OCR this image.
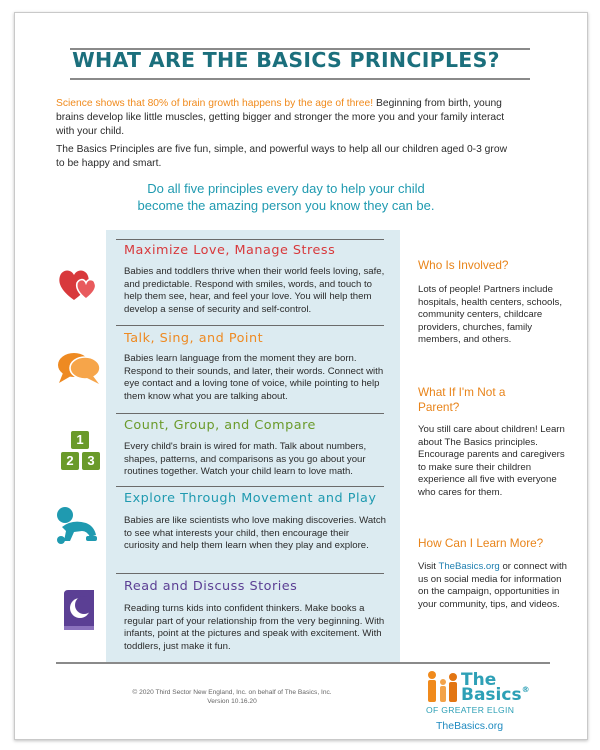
WHAT ARE THE BASICS PRINCIPLES?
Science shows that 80% of brain growth happens by the age of three! Beginning from birth, young brains develop like little muscles, getting bigger and stronger the more you and your family interact with your child.
The Basics Principles are five fun, simple, and powerful ways to help all our children aged 0-3 grow to be happy and smart.
Do all five principles every day to help your child
become the amazing person you know they can be.
Maximize Love, Manage Stress
Babies and toddlers thrive when their world feels loving, safe, and predictable. Respond with smiles, words, and touch to help them see, hear, and feel your love. You will help them develop a sense of security and self-control.
Talk, Sing, and Point
Babies learn language from the moment they are born. Respond to their sounds, and later, their words. Connect with eye contact and a loving tone of voice, while pointing to help them know what you are talking about.
Count, Group, and Compare
Every child's brain is wired for math. Talk about numbers, shapes, patterns, and comparisons as you go about your routines together. Watch your child learn to love math.
1
2	3
Explore Through Movement and Play
Babies are like scientists who love making discoveries. Watch to see what interests your child, then encourage their curiosity and help them learn when they play and explore.
Read and Discuss Stories
Reading turns kids into confident thinkers. Make books a regular part of your relationship from the very beginning. With infants, point at the pictures and speak with excitement. With toddlers, just make it fun.
Who Is Involved?
Lots of people! Partners include hospitals, health centers, schools, community centers, childcare providers, churches, family members, and others.
What If I'm Not a
Parent?
You still care about children! Learn about The Basics principles. Encourage parents and caregivers to make sure their children experience all five with everyone who cares for them.
How Can I Learn More?
Visit TheBasics.org or connect with us on social media for information on the campaign, opportunities in your community, tips, and videos.
© 2020 Third Sector New England, Inc. on behalf of The Basics, Inc.
Version 10.16.20
The
Basics®
OF GREATER ELGIN
TheBasics.org
